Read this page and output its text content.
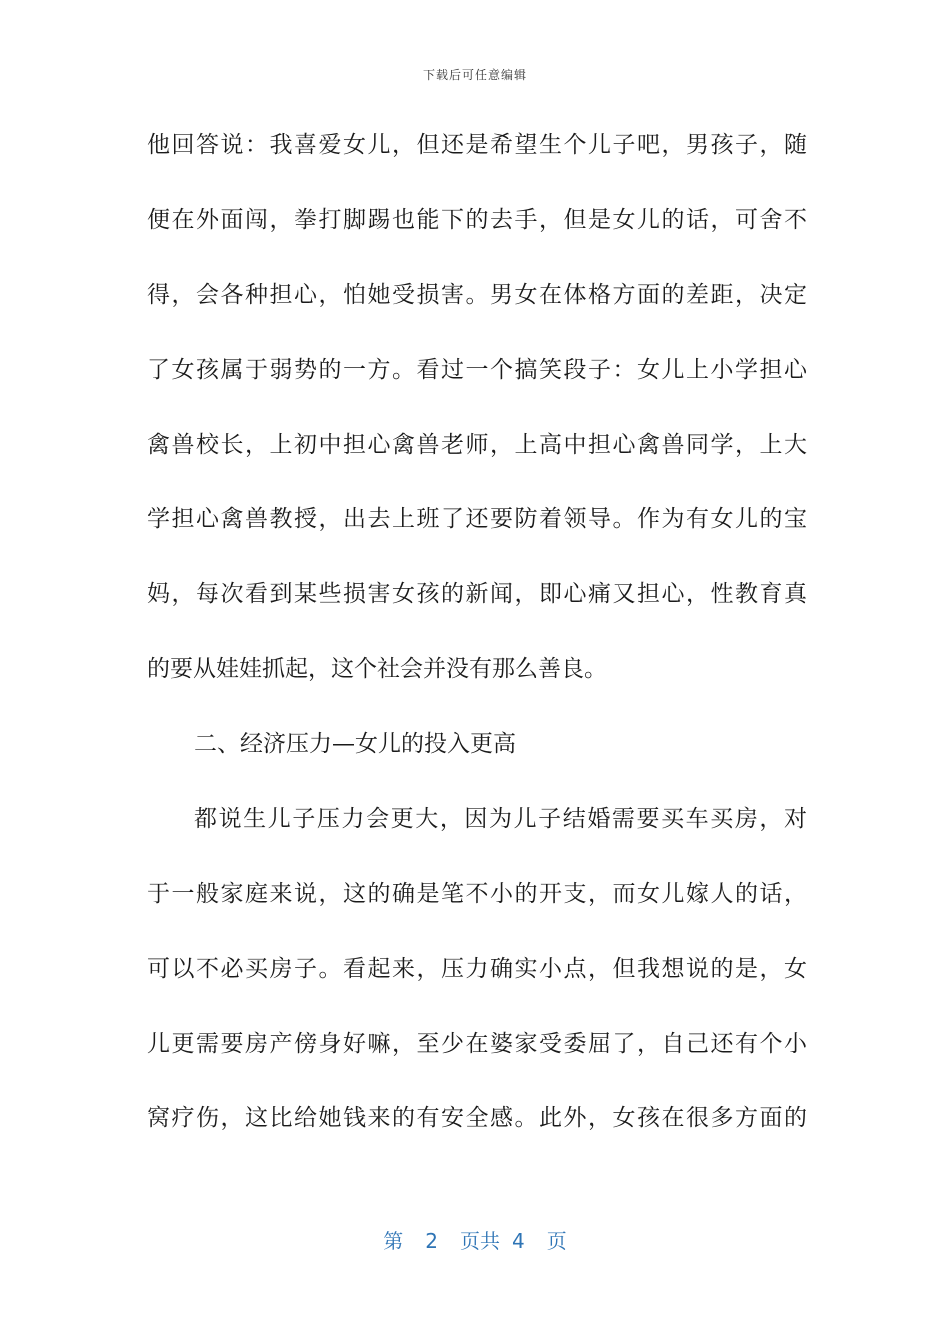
下载后可任意编辑
他回答说：我喜爱女儿，但还是希望生个儿子吧，男孩子，随
便在外面闯，拳打脚踢也能下的去手，但是女儿的话，可舍不
得，会各种担心，怕她受损害。男女在体格方面的差距，决定
了女孩属于弱势的一方。看过一个搞笑段子：女儿上小学担心
禽兽校长，上初中担心禽兽老师，上高中担心禽兽同学，上大
学担心禽兽教授，出去上班了还要防着领导。作为有女儿的宝
妈，每次看到某些损害女孩的新闻，即心痛又担心，性教育真
的要从娃娃抓起，这个社会并没有那么善良。
二、经济压力—女儿的投入更高
都说生儿子压力会更大，因为儿子结婚需要买车买房，对
于一般家庭来说，这的确是笔不小的开支，而女儿嫁人的话，
可以不必买房子。看起来，压力确实小点，但我想说的是，女
儿更需要房产傍身好嘛，至少在婆家受委屈了，自己还有个小
窝疗伤，这比给她钱来的有安全感。此外，女孩在很多方面的
第 2 页共 4 页
